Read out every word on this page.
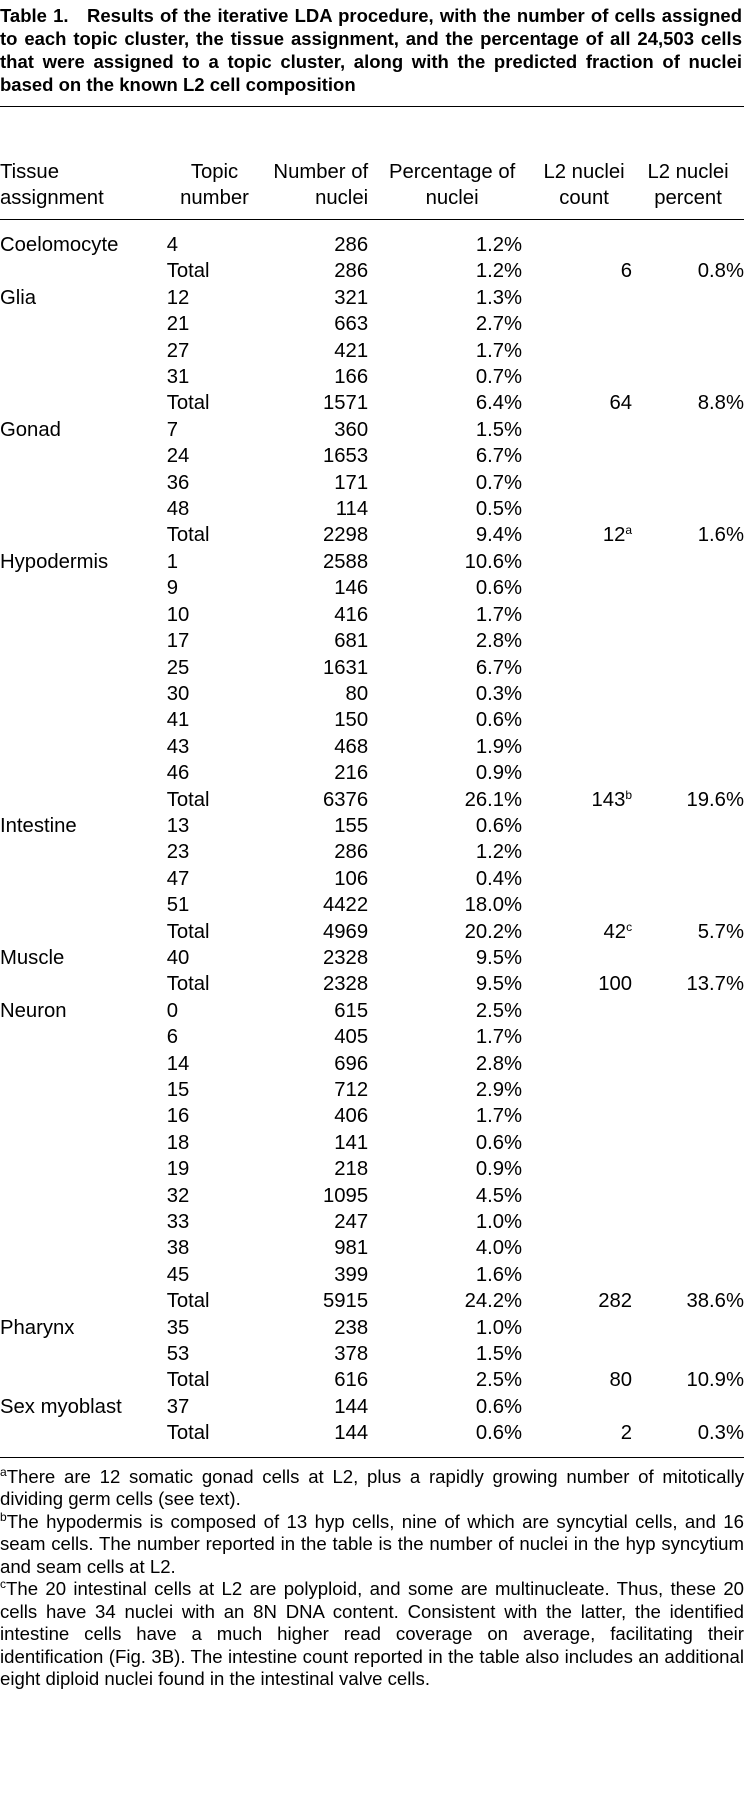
Table 1. Results of the iterative LDA procedure, with the number of cells assigned to each topic cluster, the tissue assignment, and the percentage of all 24,503 cells that were assigned to a topic cluster, along with the predicted fraction of nuclei based on the known L2 cell composition

Tissue assignment	Topic number	Number of nuclei	Percentage of nuclei	L2 nuclei count	L2 nuclei percent

Coelomocyte	4	286	1.2%		
	Total	286	1.2%	6	0.8%
Glia	12	321	1.3%		
	21	663	2.7%		
	27	421	1.7%		
	31	166	0.7%		
	Total	1571	6.4%	64	8.8%
Gonad	7	360	1.5%		
	24	1653	6.7%		
	36	171	0.7%		
	48	114	0.5%		
	Total	2298	9.4%	12$^a$	1.6%
Hypodermis	1	2588	10.6%		
	9	146	0.6%		
	10	416	1.7%		
	17	681	2.8%		
	25	1631	6.7%		
	30	80	0.3%		
	41	150	0.6%		
	43	468	1.9%		
	46	216	0.9%		
	Total	6376	26.1%	143$^b$	19.6%
Intestine	13	155	0.6%		
	23	286	1.2%		
	47	106	0.4%		
	51	4422	18.0%		
	Total	4969	20.2%	42$^c$	5.7%
Muscle	40	2328	9.5%		
	Total	2328	9.5%	100	13.7%
Neuron	0	615	2.5%		
	6	405	1.7%		
	14	696	2.8%		
	15	712	2.9%		
	16	406	1.7%		
	18	141	0.6%		
	19	218	0.9%		
	32	1095	4.5%		
	33	247	1.0%		
	38	981	4.0%		
	45	399	1.6%		
	Total	5915	24.2%	282	38.6%
Pharynx	35	238	1.0%		
	53	378	1.5%		
	Total	616	2.5%	80	10.9%
Sex myoblast	37	144	0.6%		
	Total	144	0.6%	2	0.3%

$^a$There are 12 somatic gonad cells at L2, plus a rapidly growing number of mitotically dividing germ cells (see text).

$^b$The hypodermis is composed of 13 hyp cells, nine of which are syncytial cells, and 16 seam cells. The number reported in the table is the number of nuclei in the hyp syncytium and seam cells at L2.

$^c$The 20 intestinal cells at L2 are polyploid, and some are multinucleate. Thus, these 20 cells have 34 nuclei with an 8N DNA content. Consistent with the latter, the identified intestine cells have a much higher read coverage on average, facilitating their identification (Fig. 3B). The intestine count reported in the table also includes an additional eight diploid nuclei found in the intestinal valve cells.
